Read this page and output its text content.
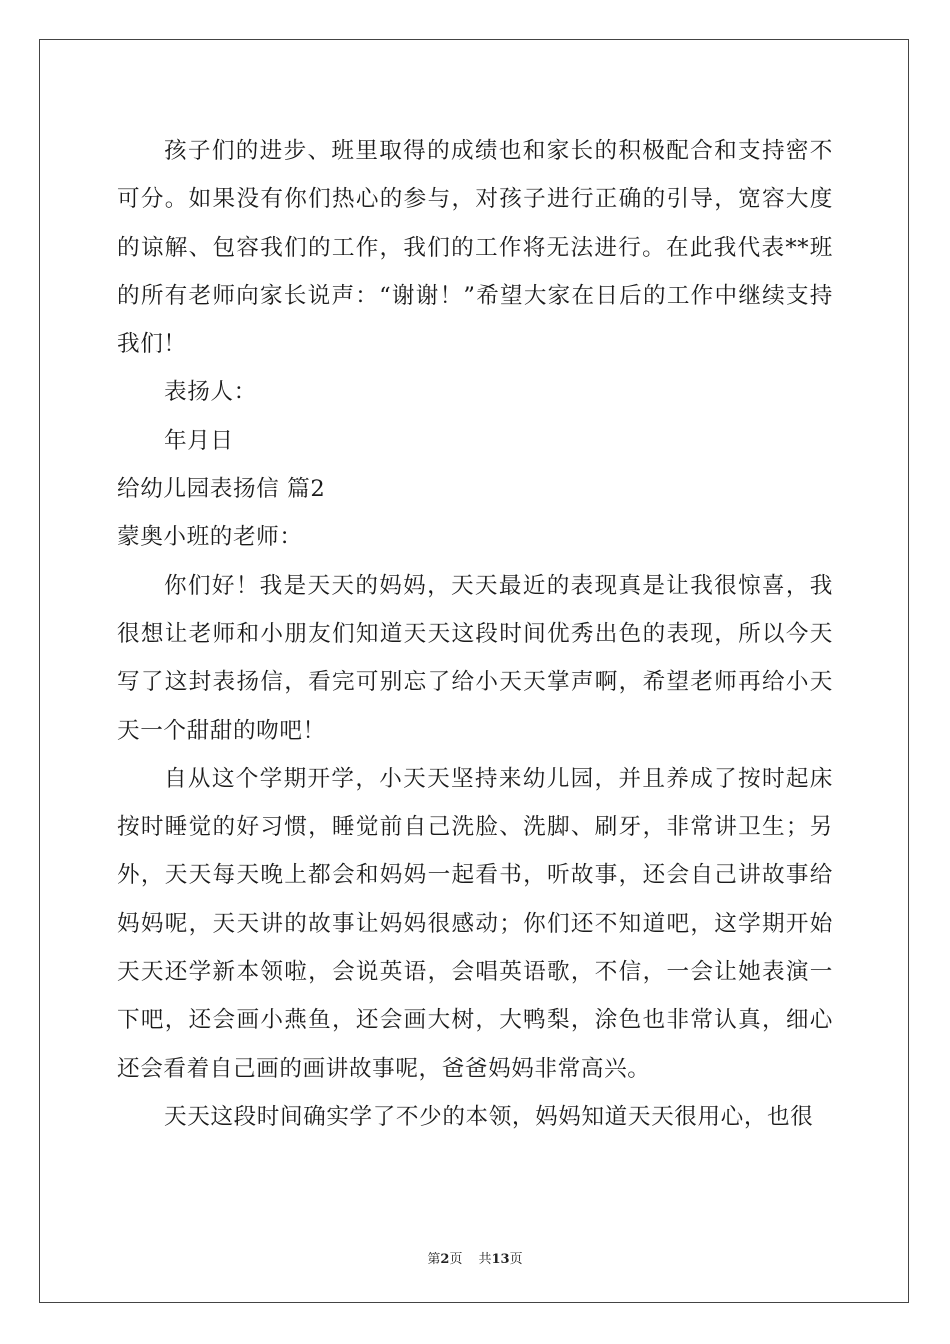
孩子们的进步、班里取得的成绩也和家长的积极配合和支持密不可分。如果没有你们热心的参与，对孩子进行正确的引导，宽容大度的谅解、包容我们的工作，我们的工作将无法进行。在此我代表**班的所有老师向家长说声：“谢谢！”希望大家在日后的工作中继续支持我们！

表扬人：

年月日

给幼儿园表扬信 篇2

蒙奥小班的老师：

你们好！我是天天的妈妈，天天最近的表现真是让我很惊喜，我很想让老师和小朋友们知道天天这段时间优秀出色的表现，所以今天写了这封表扬信，看完可别忘了给小天天掌声啊，希望老师再给小天天一个甜甜的吻吧！

自从这个学期开学，小天天坚持来幼儿园，并且养成了按时起床按时睡觉的好习惯，睡觉前自己洗脸、洗脚、刷牙，非常讲卫生；另外，天天每天晚上都会和妈妈一起看书，听故事，还会自己讲故事给妈妈呢，天天讲的故事让妈妈很感动；你们还不知道吧，这学期开始天天还学新本领啦，会说英语，会唱英语歌，不信，一会让她表演一下吧，还会画小燕鱼，还会画大树，大鸭梨，涂色也非常认真，细心还会看着自己画的画讲故事呢，爸爸妈妈非常高兴。

天天这段时间确实学了不少的本领，妈妈知道天天很用心，也很

第2页 共13页
